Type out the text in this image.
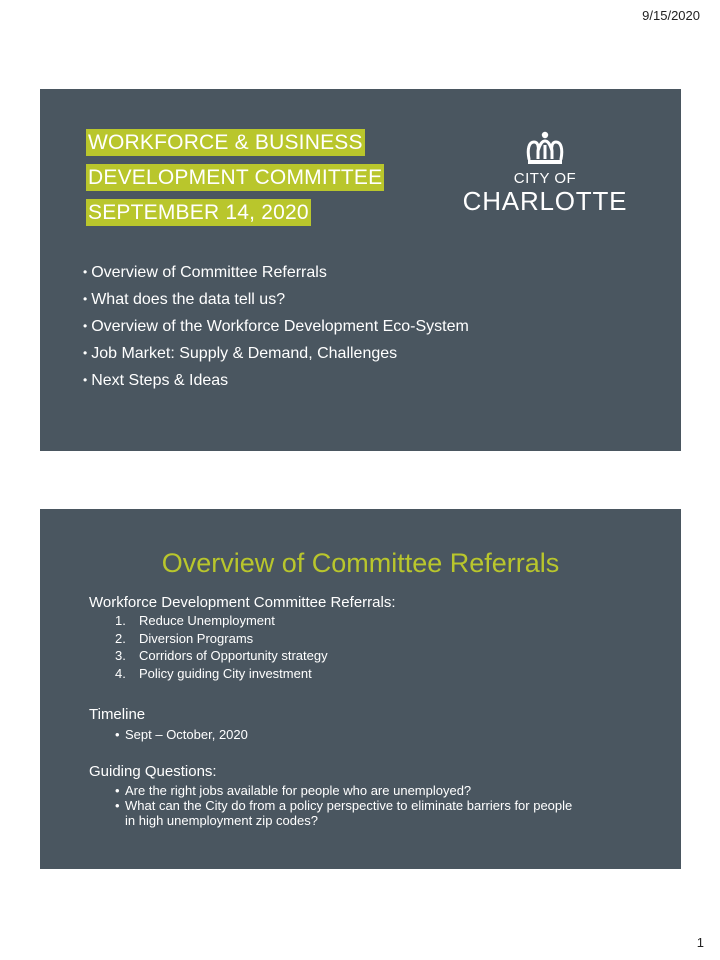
9/15/2020
WORKFORCE & BUSINESS
DEVELOPMENT COMMITTEE
SEPTEMBER 14, 2020
CITY OF
CHARLOTTE
• Overview of Committee Referrals
• What does the data tell us?
• Overview of the Workforce Development Eco-System
• Job Market: Supply & Demand, Challenges
• Next Steps & Ideas
Overview of Committee Referrals
Workforce Development Committee Referrals:
1. Reduce Unemployment
2. Diversion Programs
3. Corridors of Opportunity strategy
4. Policy guiding City investment
Timeline
• Sept – October, 2020
Guiding Questions:
• Are the right jobs available for people who are unemployed?
• What can the City do from a policy perspective to eliminate barriers for people
in high unemployment zip codes?
1
